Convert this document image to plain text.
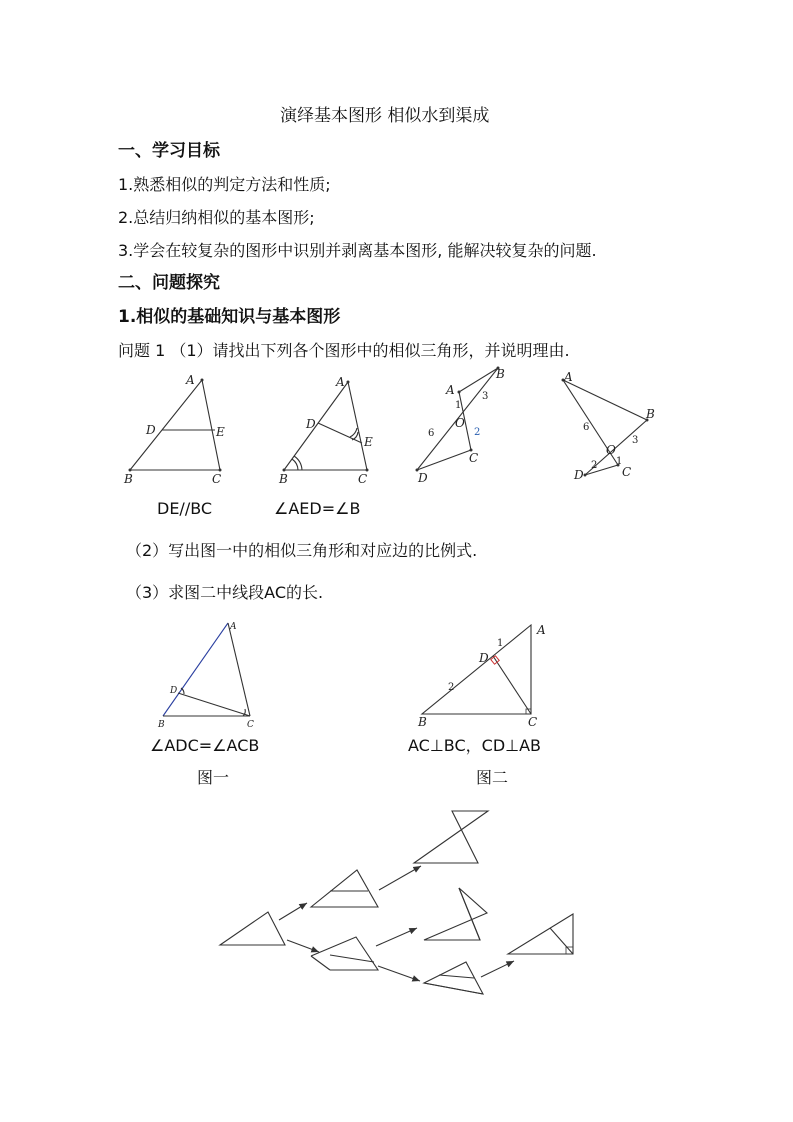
演绎基本图形 相似水到渠成
一、学习目标
1.熟悉相似的判定方法和性质;
2.总结归纳相似的基本图形;
3.学会在较复杂的图形中识别并剥离基本图形, 能解决较复杂的问题.
二、问题探究
1.相似的基础知识与基本图形
问题 1 （1）请找出下列各个图形中的相似三角形，并说明理由.
DE//BC	∠AED=∠B
（2）写出图一中的相似三角形和对应边的比例式.
（3）求图二中线段AC的长.
∠ADC=∠ACB
图一
AC⊥BC，CD⊥AB
图二
A
D	E
B	C
A
D
E
B	C
A
B
O
C
D
1
3
6	2
A
B
O
D	C
6
3
2 1
A
D
B	C
A
D
B	C
1
2
